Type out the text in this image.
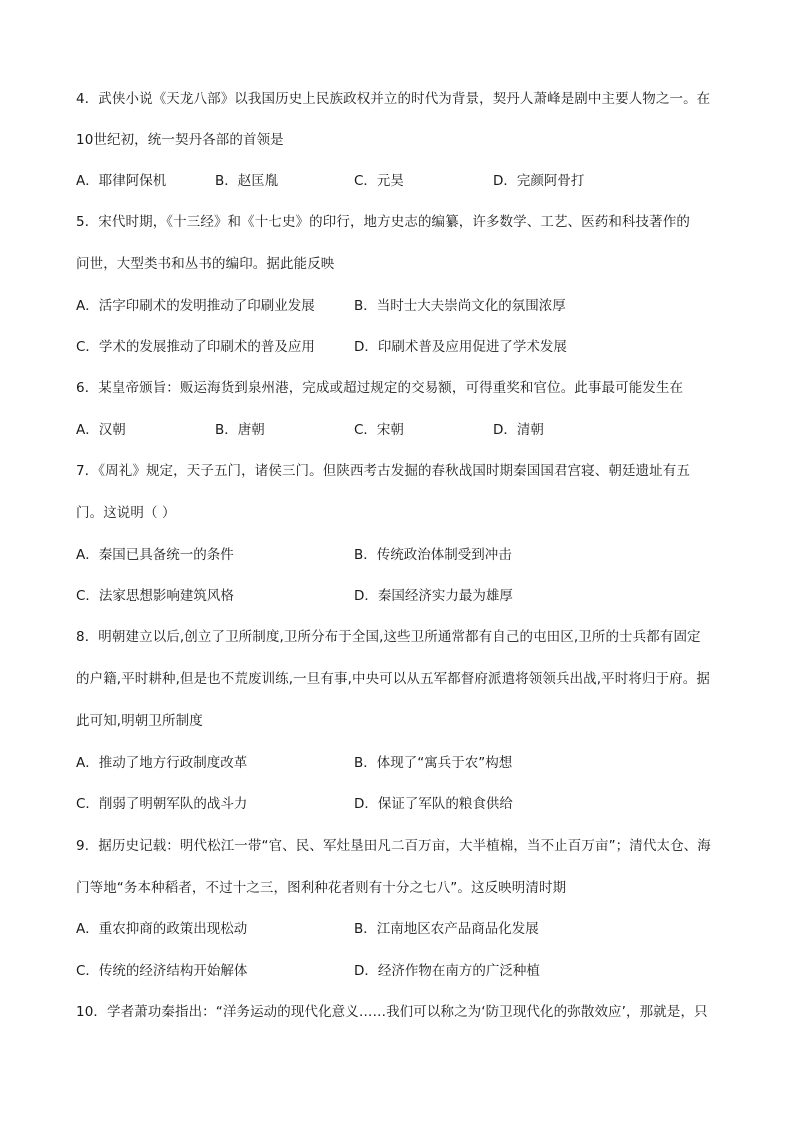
4．武侠小说《天龙八部》以我国历史上民族政权并立的时代为背景，契丹人萧峰是剧中主要人物之一。在
10世纪初，统一契丹各部的首领是
A．耶律阿保机	B．赵匡胤	C．元昊	D．完颜阿骨打
5．宋代时期，《十三经》和《十七史》的印行，地方史志的编纂，许多数学、工艺、医药和科技著作的
问世，大型类书和丛书的编印。据此能反映
A．活字印刷术的发明推动了印刷业发展	B．当时士大夫崇尚文化的氛围浓厚
C．学术的发展推动了印刷术的普及应用	D．印刷术普及应用促进了学术发展
6．某皇帝颁旨：贩运海货到泉州港，完成或超过规定的交易额，可得重奖和官位。此事最可能发生在
A．汉朝	B．唐朝	C．宋朝	D．清朝
7．《周礼》规定，天子五门，诸侯三门。但陕西考古发掘的春秋战国时期秦国国君宫寝、朝廷遗址有五
门。这说明（ ）
A．秦国已具备统一的条件	B．传统政治体制受到冲击
C．法家思想影响建筑风格	D．秦国经济实力最为雄厚
8．明朝建立以后,创立了卫所制度,卫所分布于全国,这些卫所通常都有自己的屯田区,卫所的士兵都有固定
的户籍,平时耕种,但是也不荒废训练,一旦有事,中央可以从五军都督府派遣将领领兵出战,平时将归于府。据
此可知,明朝卫所制度
A．推动了地方行政制度改革	B．体现了“寓兵于农”构想
C．削弱了明朝军队的战斗力	D．保证了军队的粮食供给
9．据历史记载：明代松江一带“官、民、军灶垦田凡二百万亩，大半植棉，当不止百万亩”；清代太仓、海
门等地“务本种稻者，不过十之三，图利种花者则有十分之七八”。这反映明清时期
A．重农抑商的政策出现松动	B．江南地区农产品商品化发展
C．传统的经济结构开始解体	D．经济作物在南方的广泛种植
10．学者萧功秦指出：“洋务运动的现代化意义……我们可以称之为‘防卫现代化的弥散效应’，那就是，只
